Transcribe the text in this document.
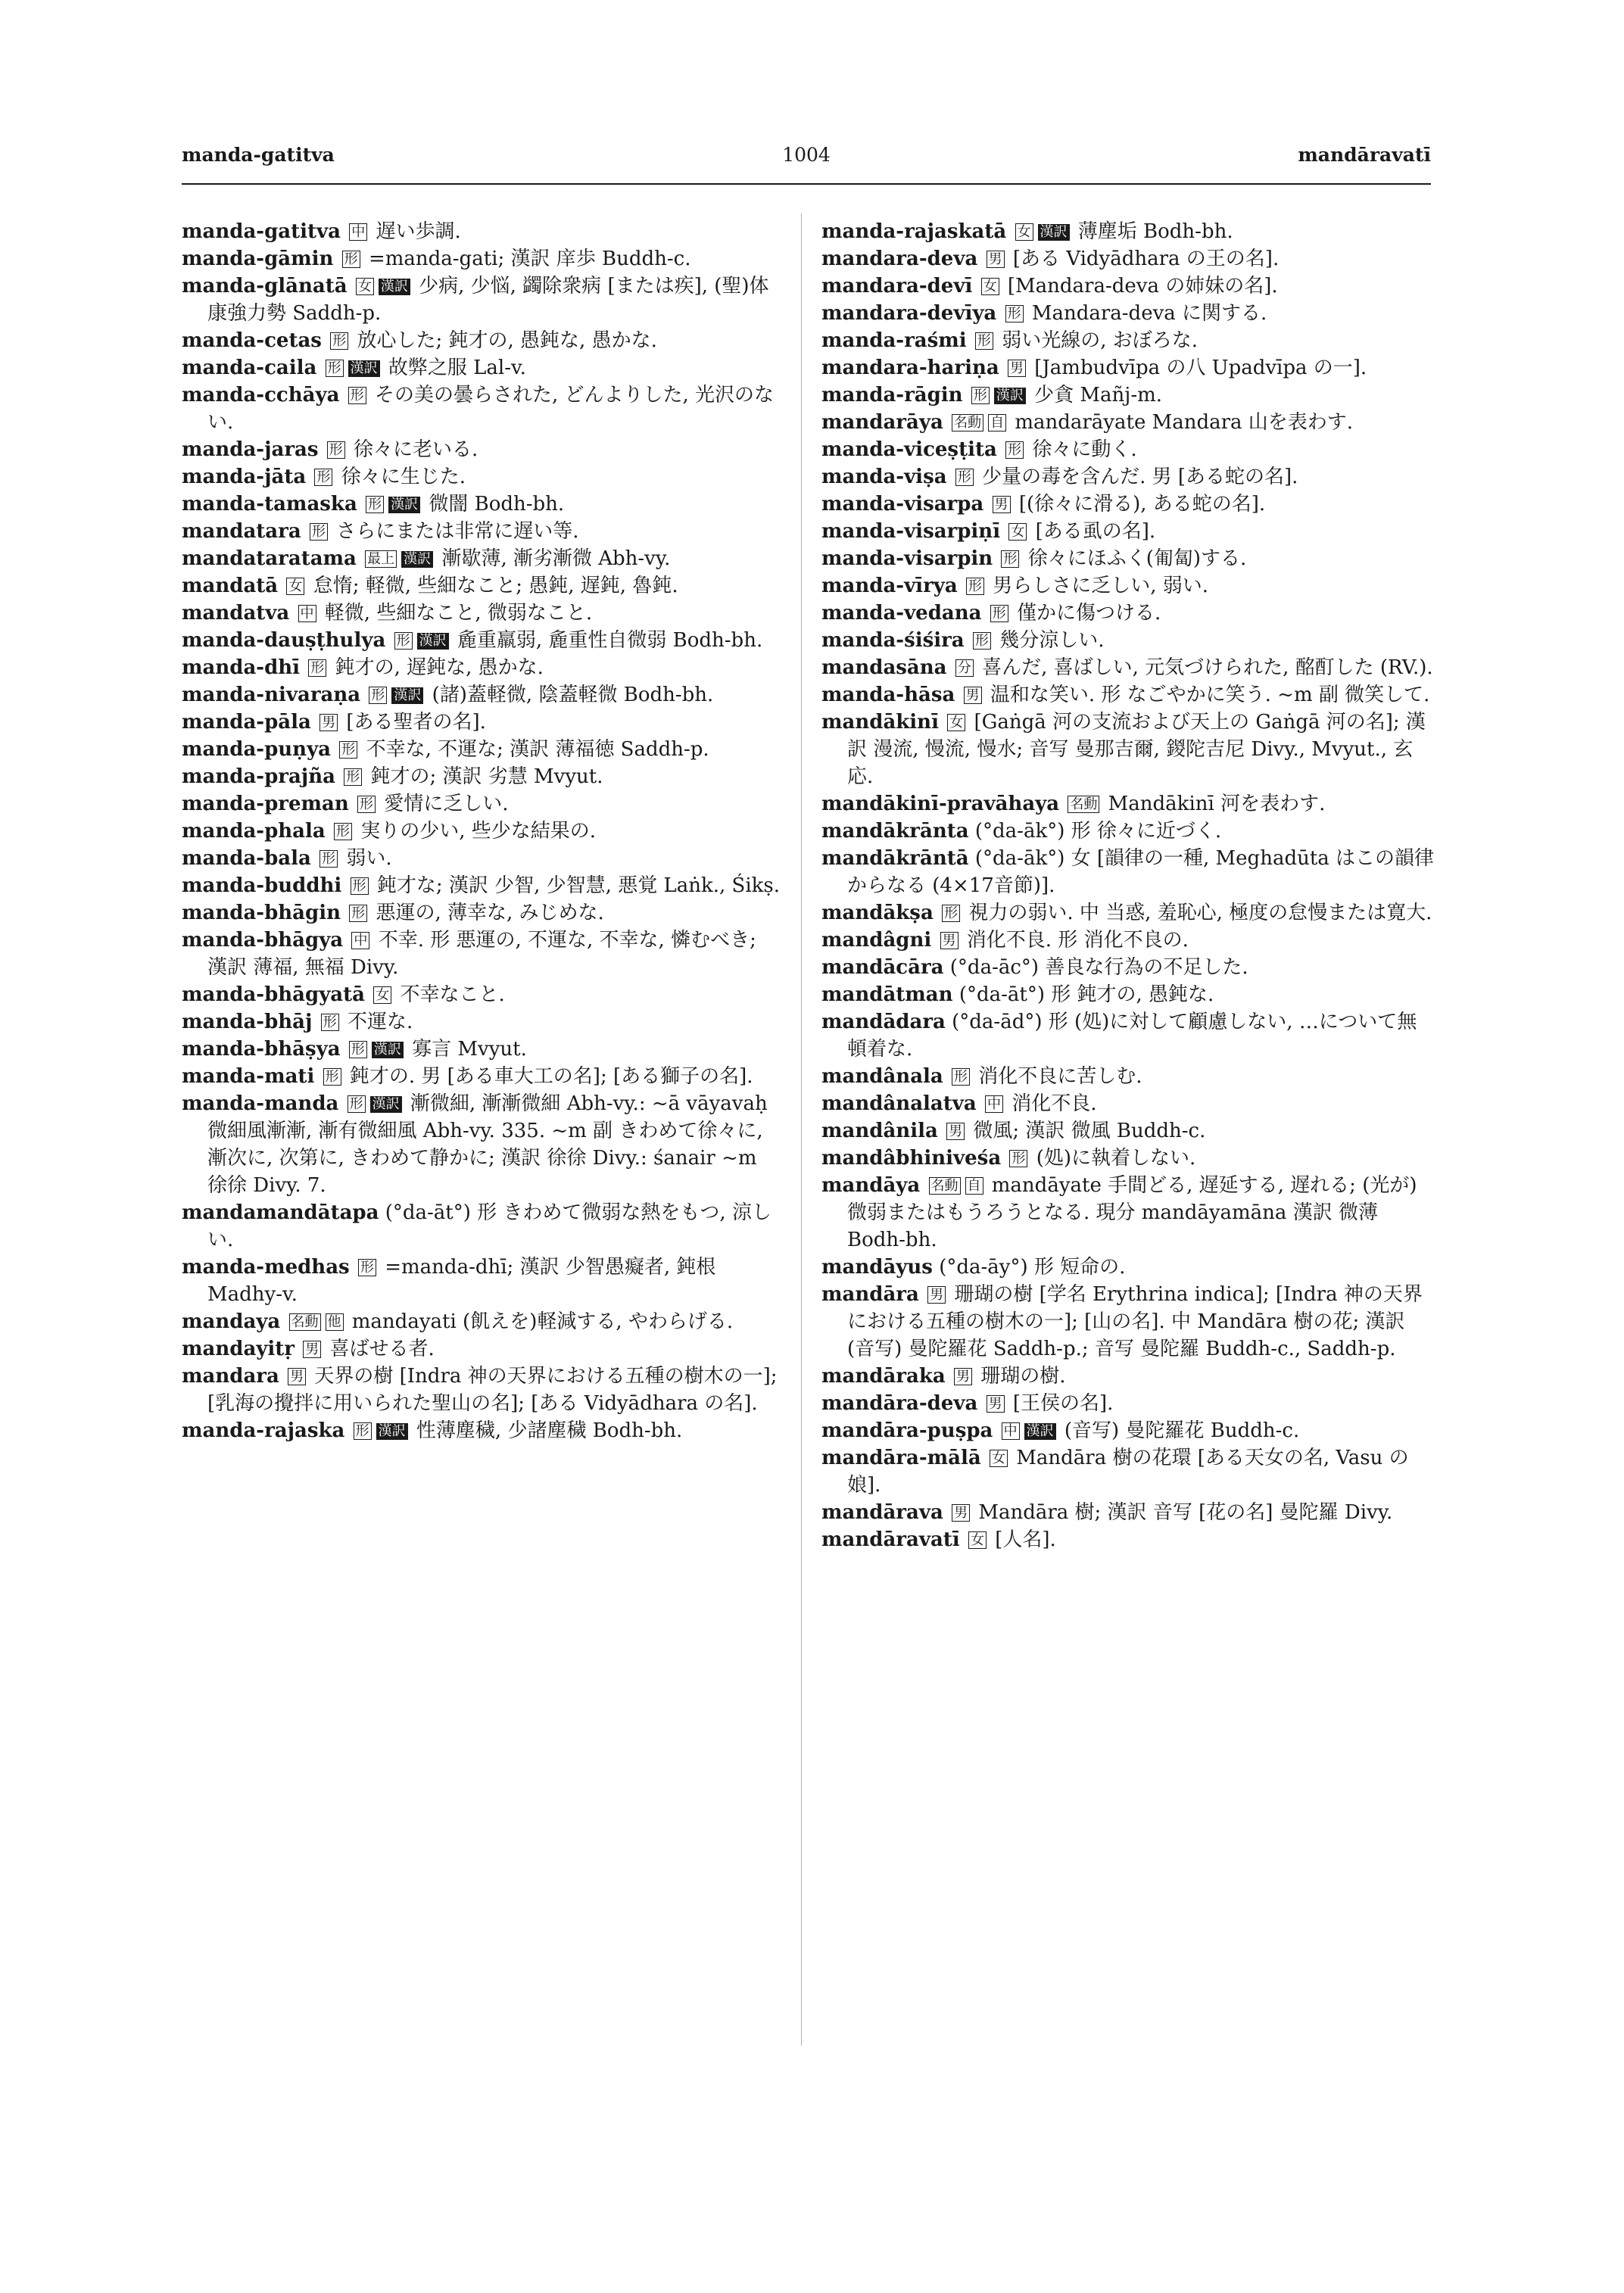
manda-gatitva	1004	mandāravatī
manda-gatitva 中 遅い歩調.
manda-gāmin 形 =manda-gati; 漢訳 庠歩 Buddh-c.
manda-glānatā 女 漢訳 少病, 少悩, 蠲除衆病 [または疾], (聖)体康強力勢 Saddh-p.
manda-cetas 形 放心した; 鈍才の, 愚鈍な, 愚かな.
manda-caila 形 漢訳 故弊之服 Lal-v.
manda-cchāya 形 その美の曇らされた, どんよりした, 光沢のない.
manda-jaras 形 徐々に老いる.
manda-jāta 形 徐々に生じた.
manda-tamaska 形 漢訳 微闇 Bodh-bh.
mandatara 形 さらにまたは非常に遅い等.
mandataratama 最上 漢訳 漸歇薄, 漸劣漸微 Abh-vy.
mandatā 女 怠惰; 軽微, 些細なこと; 愚鈍, 遅鈍, 魯鈍.
mandatva 中 軽微, 些細なこと, 微弱なこと.
manda-dauṣṭhulya 形 漢訳 麁重羸弱, 麁重性自微弱 Bodh-bh.
manda-dhī 形 鈍才の, 遅鈍な, 愚かな.
manda-nivaraṇa 形 漢訳 (諸)蓋軽微, 陰蓋軽微 Bodh-bh.
manda-pāla 男 [ある聖者の名].
manda-puṇya 形 不幸な, 不運な; 漢訳 薄福徳 Saddh-p.
manda-prajña 形 鈍才の; 漢訳 劣慧 Mvyut.
manda-preman 形 愛情に乏しい.
manda-phala 形 実りの少い, 些少な結果の.
manda-bala 形 弱い.
manda-buddhi 形 鈍才な; 漢訳 少智, 少智慧, 悪覚 Laṅk., Śikṣ.
manda-bhāgin 形 悪運の, 薄幸な, みじめな.
manda-bhāgya 中 不幸. 形 悪運の, 不運な, 不幸な, 憐むべき; 漢訳 薄福, 無福 Divy.
manda-bhāgyatā 女 不幸なこと.
manda-bhāj 形 不運な.
manda-bhāṣya 形 漢訳 寡言 Mvyut.
manda-mati 形 鈍才の. 男 [ある車大工の名]; [ある獅子の名].
manda-manda 形 漢訳 漸微細, 漸漸微細 Abh-vy.: ~ā vāyavaḥ 微細風漸漸, 漸有微細風 Abh-vy. 335. ~m 副 きわめて徐々に, 漸次に, 次第に, きわめて静かに; 漢訳 徐徐 Divy.: śanair ~m 徐徐 Divy. 7.
mandamandātapa (°da-āt°) 形 きわめて微弱な熱をもつ, 涼しい.
manda-medhas 形 =manda-dhī; 漢訳 少智愚癡者, 鈍根 Madhy-v.
mandaya 名動 他 mandayati (飢えを)軽減する, やわらげる.
mandayitṛ 男 喜ばせる者.
mandara 男 天界の樹 [Indra 神の天界における五種の樹木の一]; [乳海の攪拌に用いられた聖山の名]; [ある Vidyādhara の名].
manda-rajaska 形 漢訳 性薄塵穢, 少諸塵穢 Bodh-bh.
manda-rajaskatā 女 漢訳 薄塵垢 Bodh-bh.
mandara-deva 男 [ある Vidyādhara の王の名].
mandara-devī 女 [Mandara-deva の姉妹の名].
mandara-devīya 形 Mandara-deva に関する.
manda-raśmi 形 弱い光線の, おぼろな.
mandara-hariṇa 男 [Jambudvīpa の八 Upadvīpa の一].
manda-rāgin 形 漢訳 少貪 Mañj-m.
mandarāya 名動 自 mandarāyate Mandara 山を表わす.
manda-viceṣṭita 形 徐々に動く.
manda-viṣa 形 少量の毒を含んだ. 男 [ある蛇の名].
manda-visarpa 男 [(徐々に滑る), ある蛇の名].
manda-visarpiṇī 女 [ある虱の名].
manda-visarpin 形 徐々にほふく(匍匐)する.
manda-vīrya 形 男らしさに乏しい, 弱い.
manda-vedana 形 僅かに傷つける.
manda-śiśira 形 幾分涼しい.
mandasāna 分 喜んだ, 喜ばしい, 元気づけられた, 酩酊した (RV.).
manda-hāsa 男 温和な笑い. 形 なごやかに笑う. ~m 副 微笑して.
mandākinī 女 [Gaṅgā 河の支流および天上の Gaṅgā 河の名]; 漢訳 漫流, 慢流, 慢水; 音写 曼那吉爾, 鍐陀吉尼 Divy., Mvyut., 玄応.
mandākinī-pravāhaya 名動 Mandākinī 河を表わす.
mandākrānta (°da-āk°) 形 徐々に近づく.
mandākrāntā (°da-āk°) 女 [韻律の一種, Meghadūta はこの韻律からなる (4×17音節)].
mandākṣa 形 視力の弱い. 中 当惑, 羞恥心, 極度の怠慢または寛大.
mandâgni 男 消化不良. 形 消化不良の.
mandācāra (°da-āc°) 善良な行為の不足した.
mandātman (°da-āt°) 形 鈍才の, 愚鈍な.
mandādara (°da-ād°) 形 (処)に対して顧慮しない, …について無頓着な.
mandânala 形 消化不良に苦しむ.
mandânalatva 中 消化不良.
mandânila 男 微風; 漢訳 微風 Buddh-c.
mandâbhiniveśa 形 (処)に執着しない.
mandāya 名動 自 mandāyate 手間どる, 遅延する, 遅れる; (光が)微弱またはもうろうとなる. 現分 mandāyamāna 漢訳 微薄 Bodh-bh.
mandāyus (°da-āy°) 形 短命の.
mandāra 男 珊瑚の樹 [学名 Erythrina indica]; [Indra 神の天界における五種の樹木の一]; [山の名]. 中 Mandāra 樹の花; 漢訳 (音写) 曼陀羅花 Saddh-p.; 音写 曼陀羅 Buddh-c., Saddh-p.
mandāraka 男 珊瑚の樹.
mandāra-deva 男 [王侯の名].
mandāra-puṣpa 中 漢訳 (音写) 曼陀羅花 Buddh-c.
mandāra-mālā 女 Mandāra 樹の花環 [ある天女の名, Vasu の娘].
mandārava 男 Mandāra 樹; 漢訳 音写 [花の名] 曼陀羅 Divy.
mandāravatī 女 [人名].
